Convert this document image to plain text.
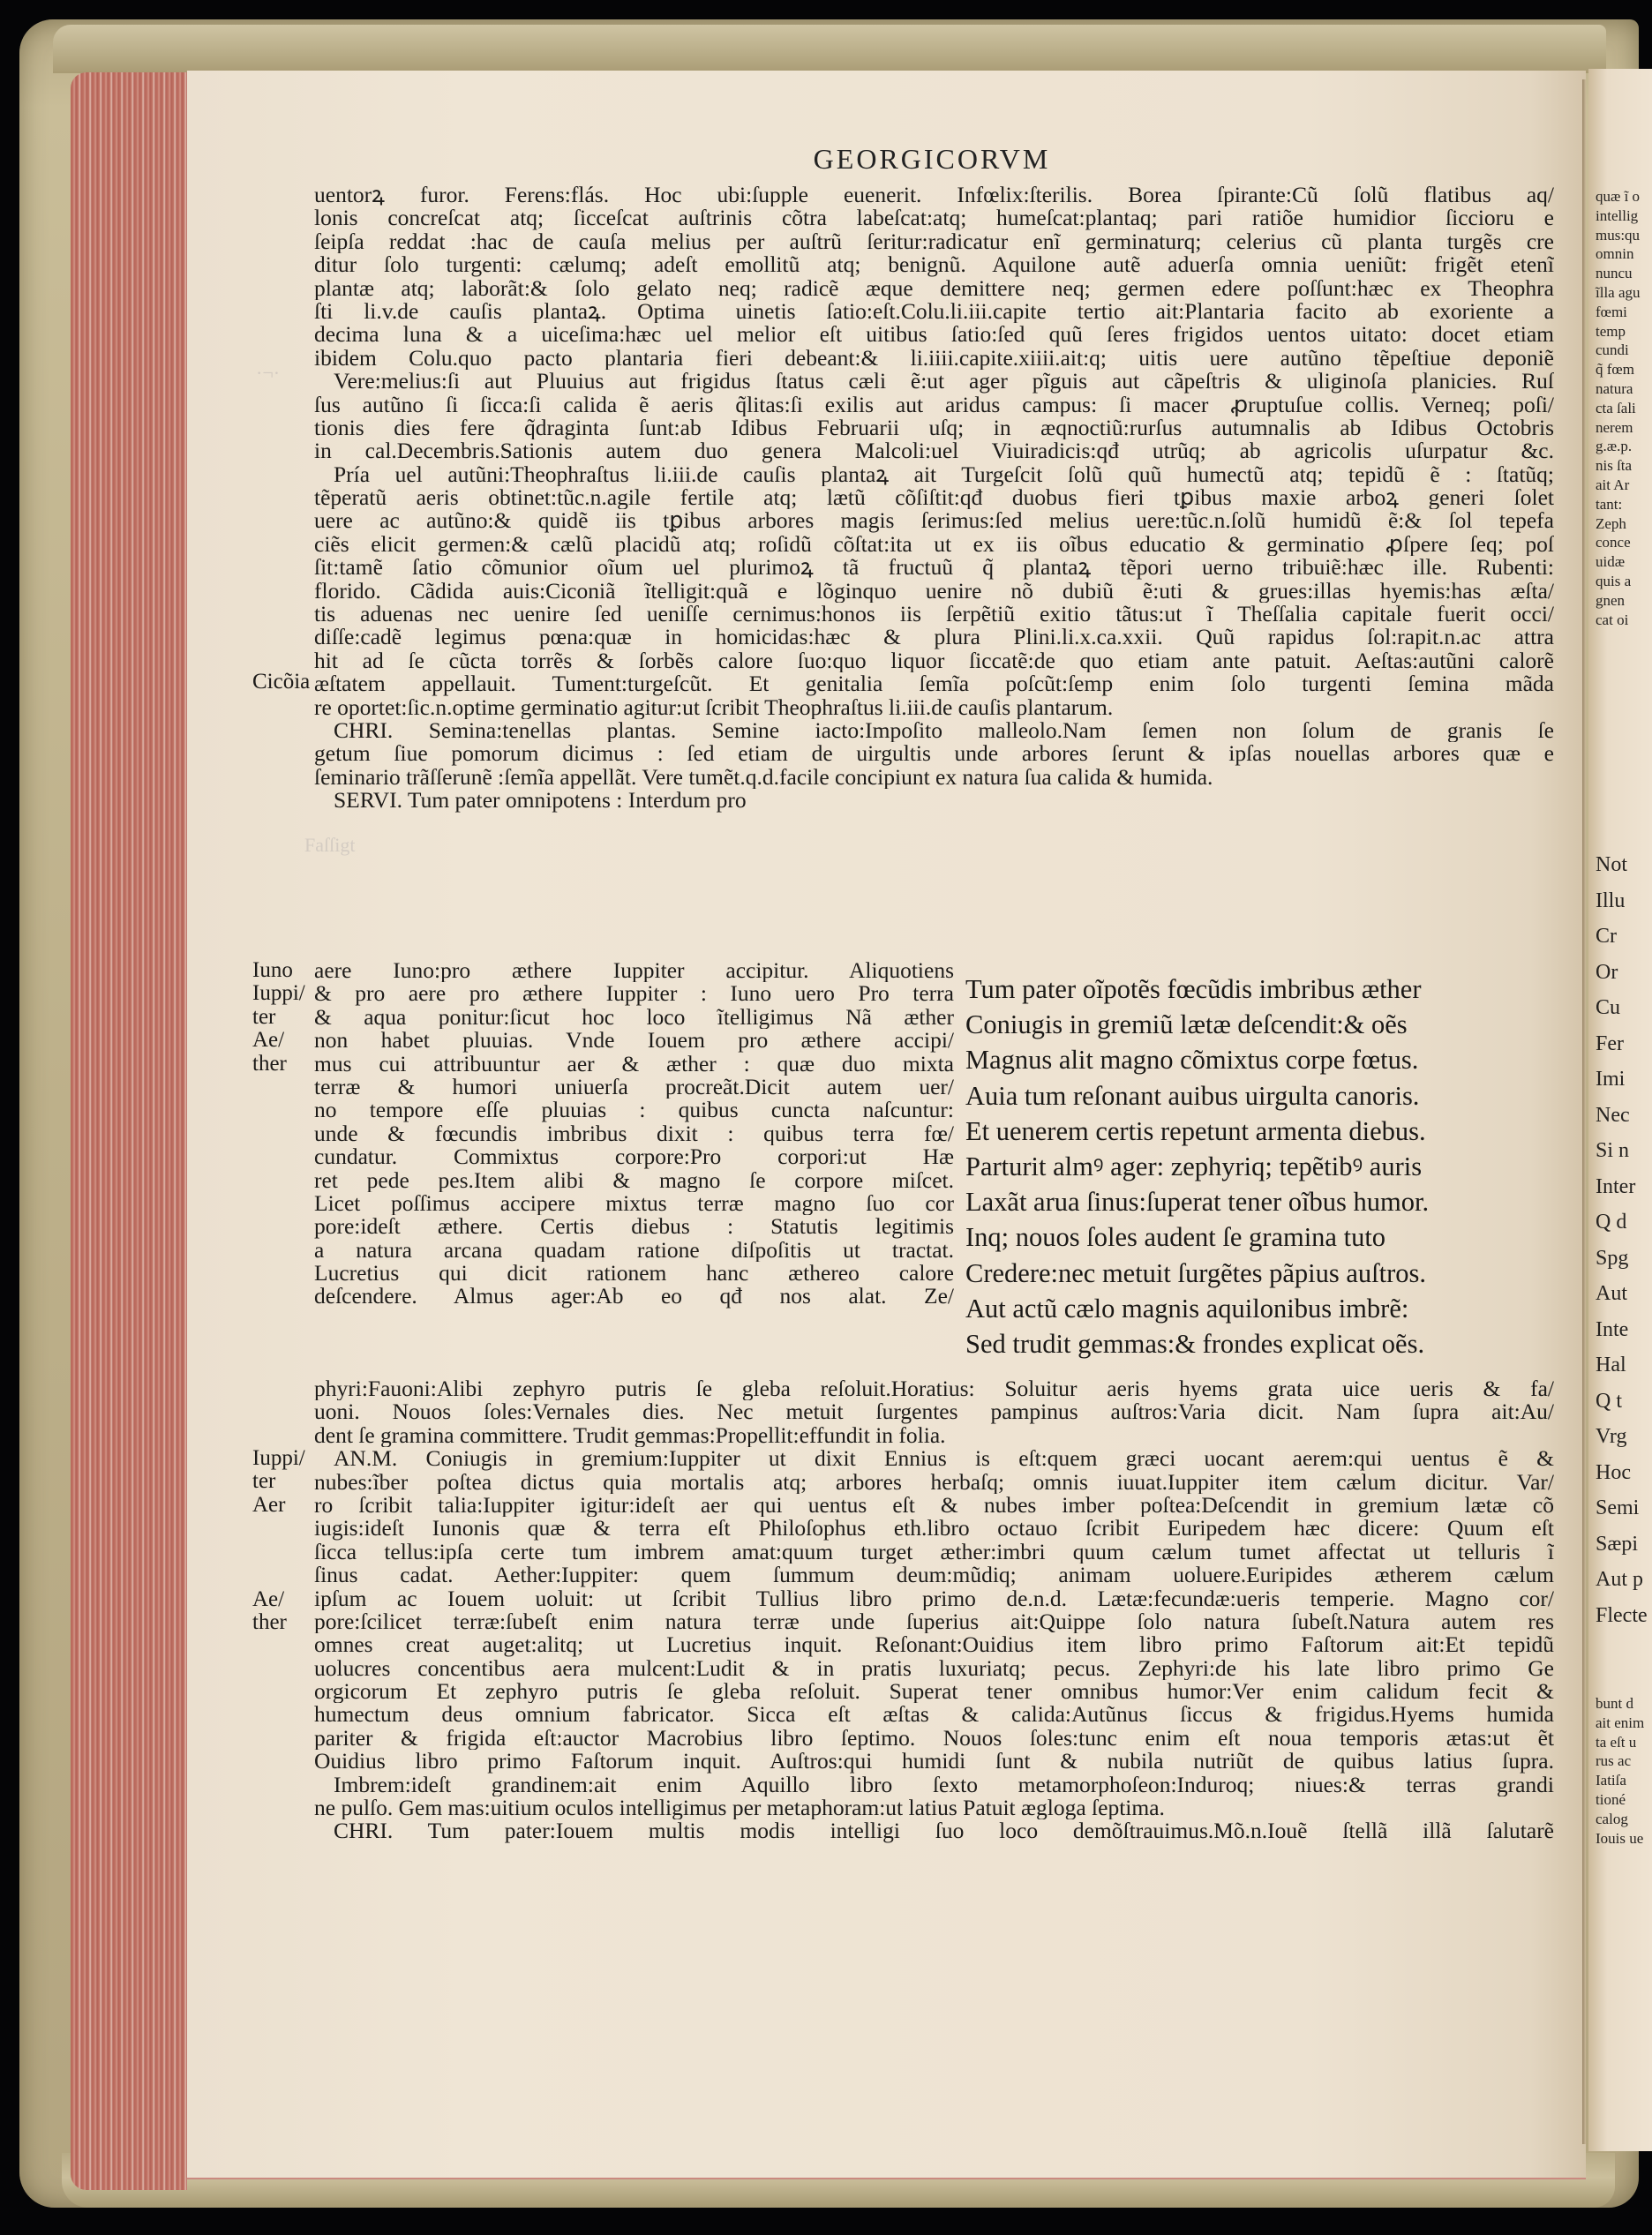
·¬·
Faſſigt
GEORGICORVM
uentorꝝ furor. Ferens:flás. Hoc ubi:ſupple euenerit. Infœlix:ſterilis. Borea ſpirante:Cũ ſolũ flatibus aq/
lonis concreſcat atq; ſicceſcat auſtrinis cõtra labeſcat:atq; humeſcat:plantaq; pari ratiõe humidior ſiccioru e
ſeipſa reddat :hac de cauſa melius per auſtrũ ſeritur:radicatur enĩ germinaturq; celerius cũ planta turgẽs cre
ditur ſolo turgenti: cælumq; adeſt emollitũ atq; benignũ. Aquilone autẽ aduerſa omnia ueniũt: frigẽt etenĩ
plantæ atq; laborãt:& ſolo gelato neq; radicẽ æque demittere neq; germen edere poſſunt:hæc ex Theophra
ſti li.v.de cauſis plantaꝝ. Optima uinetis ſatio:eſt.Colu.li.iii.capite tertio ait:Plantaria facito ab exoriente a
decima luna & a uiceſima:hæc uel melior eſt uitibus ſatio:ſed quũ ſeres frigidos uentos uitato: docet etiam
ibidem Colu.quo pacto plantaria fieri debeant:& li.iiii.capite.xiiii.ait:q; uitis uere autũno tẽpeſtiue deponiẽ
Vere:melius:ſi aut Pluuius aut frigidus ſtatus cæli ẽ:ut ager pĩguis aut cãpeſtris & uliginoſa planicies. Ruſ
ſus autũno ſi ſicca:ſi calida ẽ aeris q̃litas:ſi exilis aut aridus campus: ſi macer ꝓruptuſue collis. Verneq; poſi/
tionis dies fere q̃draginta ſunt:ab Idibus Februarii uſq; in æqnoctiũ:rurſus autumnalis ab Idibus Octobris
in cal.Decembris.Sationis autem duo genera Malcoli:uel Viuiradicis:qđ utrũq; ab agricolis uſurpatur &c.
Pría uel autũni:Theophraſtus li.iii.de cauſis plantaꝝ ait Turgeſcit ſolũ quũ humectũ atq; tepidũ ẽ : ſtatũq;
tẽperatũ aeris obtinet:tũc.n.agile fertile atq; lætũ cõſiſtit:qđ duobus fieri tꝑibus maxie arboꝝ generi ſolet
uere ac autũno:& quidẽ iis tꝑibus arbores magis ſerimus:ſed melius uere:tũc.n.ſolũ humidũ ẽ:& ſol tepefa
ciẽs elicit germen:& cælũ placidũ atq; roſidũ cõſtat:ita ut ex iis oĩbus educatio & germinatio ꝓſpere ſeq; poſ
ſit:tamẽ ſatio cõmunior oĩum uel plurimoꝝ tã fructuũ q̃ plantaꝝ tẽpori uerno tribuiẽ:hæc ille. Rubenti:
florido. Cãdida auis:Ciconiã ĩtelligit:quã e lõginquo uenire nõ dubiũ ẽ:uti & grues:illas hyemis:has æſta/
tis aduenas nec uenire ſed ueniſſe cernimus:honos iis ſerpẽtiũ exitio tãtus:ut ĩ Theſſalia capitale fuerit occi/
diſſe:cadẽ legimus pœna:quæ in homicidas:hæc & plura Plini.li.x.ca.xxii. Quũ rapidus ſol:rapit.n.ac attra
hit ad ſe cũcta torrẽs & ſorbẽs calore ſuo:quo liquor ſiccatẽ:de quo etiam ante patuit. Aeſtas:autũni calorẽ
æſtatem appellauit. Tument:turgeſcũt. Et genitalia ſemĩa poſcũt:ſemp enim ſolo turgenti ſemina mãda
re oportet:ſic.n.optime germinatio agitur:ut ſcribit Theophraſtus li.iii.de cauſis plantarum.
CHRI. Semina:tenellas plantas. Semine iacto:Impoſito malleolo.Nam ſemen non ſolum de granis ſe
getum ſiue pomorum dicimus : ſed etiam de uirgultis unde arbores ſerunt & ipſas nouellas arbores quæ e
ſeminario trãſſerunẽ :ſemĩa appellãt. Vere tumẽt.q.d.facile concipiunt ex natura ſua calida & humida.
SERVI. Tum pater omnipotens : Interdum pro
aere Iuno:pro æthere Iuppiter accipitur. Aliquotiens
& pro aere pro æthere Iuppiter : Iuno uero Pro terra
& aqua ponitur:ſicut hoc loco ĩtelligimus Nã æther
non habet pluuias. Vnde Iouem pro æthere accipi/
mus cui attribuuntur aer & æther : quæ duo mixta
terræ & humori uniuerſa procreãt.Dicit autem uer/
no tempore eſſe pluuias : quibus cuncta naſcuntur:
unde & fœcundis imbribus dixit : quibus terra fœ/
cundatur. Commixtus corpore:Pro corpori:ut Hæ
ret pede pes.Item alibi & magno ſe corpore miſcet.
Licet poſſimus accipere mixtus terræ magno ſuo cor
pore:ideſt æthere. Certis diebus : Statutis legitimis
a natura arcana quadam ratione diſpoſitis ut tractat.
Lucretius qui dicit rationem hanc æthereo calore
deſcendere. Almus ager:Ab eo qđ nos alat. Ze/
Tum pater oĩpotẽs fœcũdis imbribus æther
Coniugis in gremiũ lætæ deſcendit:& oẽs
Magnus alit magno cõmixtus corpe fœtus.
Auia tum reſonant auibus uirgulta canoris.
Et uenerem certis repetunt armenta diebus.
Parturit almꝰ ager: zephyriq; tepẽtibꝰ auris
Laxãt arua ſinus:ſuperat tener oĩbus humor.
Inq; nouos ſoles audent ſe gramina tuto
Credere:nec metuit ſurgẽtes pãpius auſtros.
Aut actũ cælo magnis aquilonibus imbrẽ:
Sed trudit gemmas:& frondes explicat oẽs.
phyri:Fauoni:Alibi zephyro putris ſe gleba reſoluit.Horatius: Soluitur aeris hyems grata uice ueris & fa/
uoni. Nouos ſoles:Vernales dies. Nec metuit ſurgentes pampinus auſtros:Varia dicit. Nam ſupra ait:Au/
dent ſe gramina committere. Trudit gemmas:Propellit:effundit in folia.
AN.M. Coniugis in gremium:Iuppiter ut dixit Ennius is eſt:quem græci uocant aerem:qui uentus ẽ &
nubes:ĩber poſtea dictus quia mortalis atq; arbores herbaſq; omnis iuuat.Iuppiter item cælum dicitur. Var/
ro ſcribit talia:Iuppiter igitur:ideſt aer qui uentus eſt & nubes imber poſtea:Deſcendit in gremium lætæ cõ
iugis:ideſt Iunonis quæ & terra eſt Philoſophus eth.libro octauo ſcribit Euripedem hæc dicere: Quum eſt
ſicca tellus:ipſa certe tum imbrem amat:quum turget æther:imbri quum cælum tumet affectat ut telluris ĩ
ſinus cadat. Aether:Iuppiter: quem ſummum deum:mũdiq; animam uoluere.Euripides ætherem cælum
ipſum ac Iouem uoluit: ut ſcribit Tullius libro primo de.n.d. Lætæ:fecundæ:ueris temperie. Magno cor/
pore:ſcilicet terræ:ſubeſt enim natura terræ unde ſuperius ait:Quippe ſolo natura ſubeſt.Natura autem res
omnes creat auget:alitq; ut Lucretius inquit. Reſonant:Ouidius item libro primo Faſtorum ait:Et tepidũ
uolucres concentibus aera mulcent:Ludit & in pratis luxuriatq; pecus. Zephyri:de his late libro primo Ge
orgicorum Et zephyro putris ſe gleba reſoluit. Superat tener omnibus humor:Ver enim calidum fecit &
humectum deus omnium fabricator. Sicca eſt æſtas & calida:Autũnus ſiccus & frigidus.Hyems humida
pariter & frigida eſt:auctor Macrobius libro ſeptimo. Nouos ſoles:tunc enim eſt noua temporis ætas:ut ẽt
Ouidius libro primo Faſtorum inquit. Auſtros:qui humidi ſunt & nubila nutriũt de quibus latius ſupra.
Imbrem:ideſt grandinem:ait enim Aquillo libro ſexto metamorphoſeon:Induroq; niues:& terras grandi
ne pulſo. Gem mas:uitium oculos intelligimus per metaphoram:ut latius Patuit æglogа ſeptima.
CHRI. Tum pater:Iouem multis modis intelligi ſuo loco demõſtrauimus.Mõ.n.Iouẽ ſtellã illã ſalutarẽ
Cicõia
Iuno
Iuppi/
ter
Ae/
ther
Iuppi/
ter
Aer
Ae/
ther
quæ ĩ o
intellig
mus:qu
omnin
nuncu
ĩlla agu
fœmi
temp
cundi
q̃ fœm
natura
cta ſali
nerem
g.æ.p.
nis ſta
ait Ar
tant:
Zeph
conce
uidæ
quis a
gnen
cat oi
Not
Illu
Cr
Or
Cu
Fer
Imi
Nec
Si n
Inter
Q d
Spg
Aut
Inte
Hal
Q t
Vrg
Hoc
Semi
Sæpi
Aut p
Flecte
bunt d
ait enim
ta eſt u
rus ac
Iatiſa
tioné
calog
Iouis ue
